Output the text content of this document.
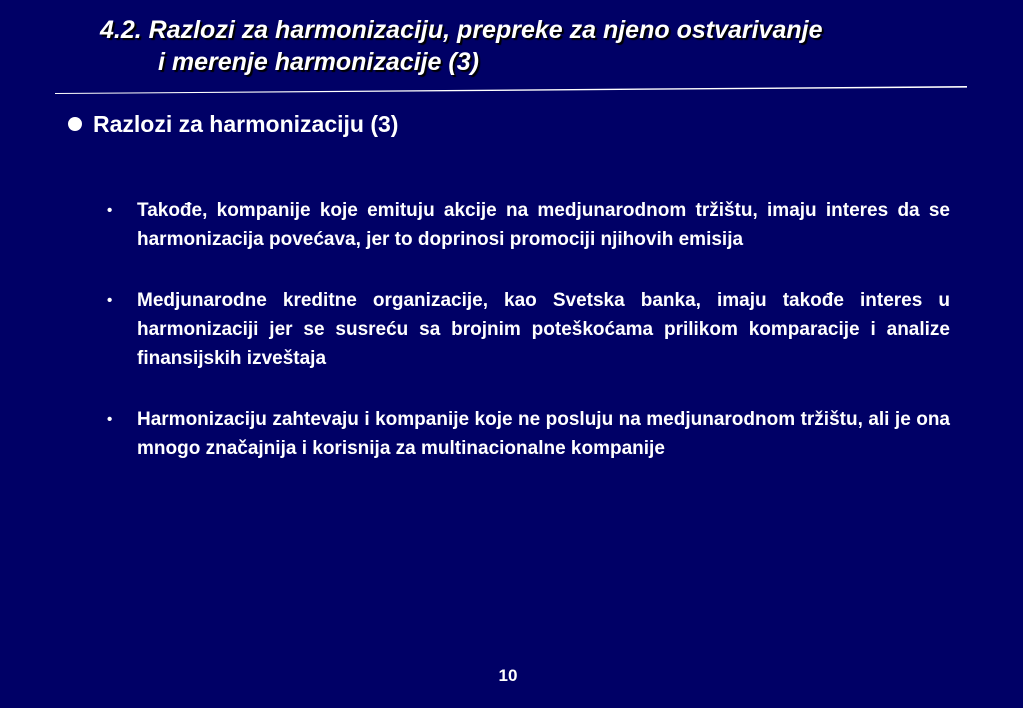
4.2. Razlozi za harmonizaciju, prepreke za njeno ostvarivanje
i merenje harmonizacije (3)
Razlozi za harmonizaciju (3)
• Takođe, kompanije koje emituju akcije na medjunarodnom tržištu, imaju interes da se harmonizacija povećava, jer to doprinosi promociji njihovih emisija
• Medjunarodne kreditne organizacije, kao Svetska banka, imaju takođe interes u harmonizaciji jer se susreću sa brojnim poteškoćama prilikom komparacije i analize finansijskih izveštaja
• Harmonizaciju zahtevaju i kompanije koje ne posluju na medjunarodnom tržištu, ali je ona mnogo značajnija i korisnija za multinacionalne kompanije
10
